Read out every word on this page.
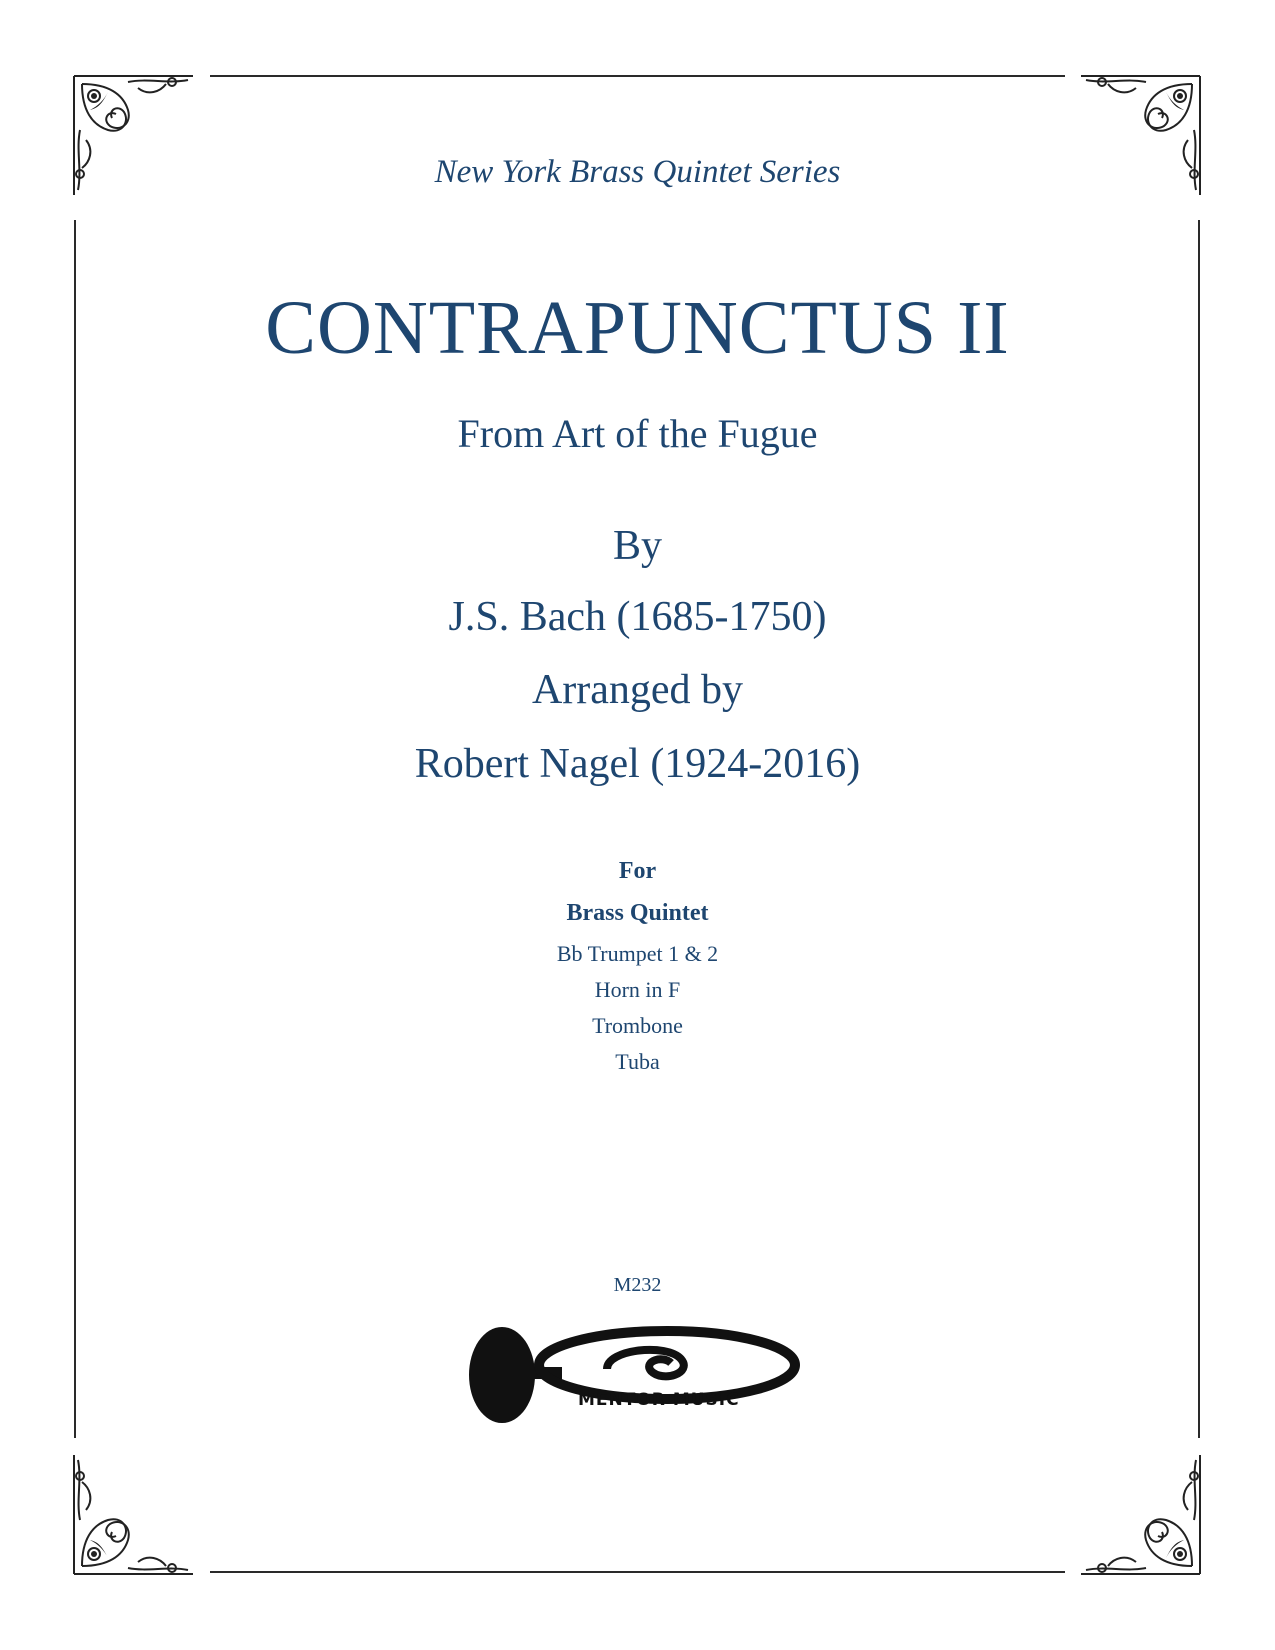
New York Brass Quintet Series

CONTRAPUNCTUS II

From Art of the Fugue

By

J.S. Bach (1685-1750)

Arranged by

Robert Nagel (1924-2016)

For

Brass Quintet

Bb Trumpet 1 & 2

Horn in F

Trombone

Tuba

M232

MENTOR MUSIC
